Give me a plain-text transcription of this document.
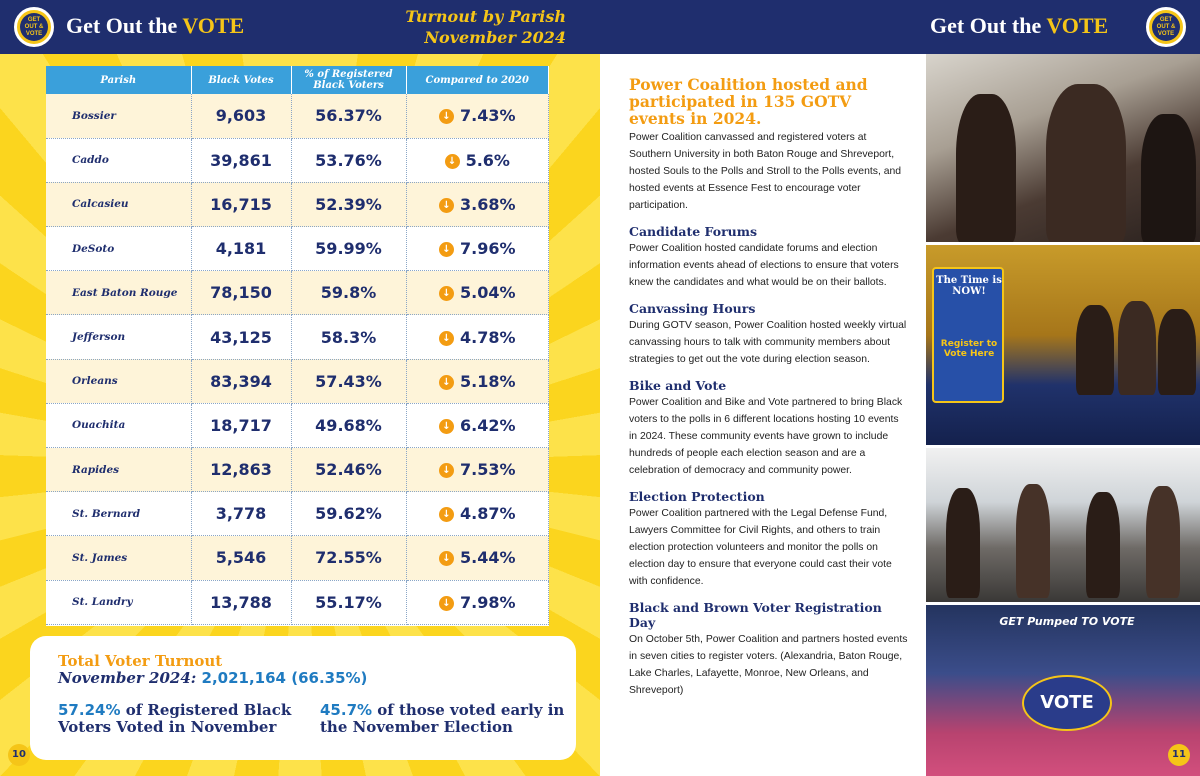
GET OUT & VOTE Get Out the VOTE	Turnout by Parish
November 2024
Parish	Black Votes	% of Registered Black Voters	Compared to 2020
Bossier	9,603	56.37%	↓ 7.43%
Caddo	39,861	53.76%	↓ 5.6%
Calcasieu	16,715	52.39%	↓ 3.68%
DeSoto	4,181	59.99%	↓ 7.96%
East Baton Rouge	78,150	59.8%	↓ 5.04%
Jefferson	43,125	58.3%	↓ 4.78%
Orleans	83,394	57.43%	↓ 5.18%
Ouachita	18,717	49.68%	↓ 6.42%
Rapides	12,863	52.46%	↓ 7.53%
St. Bernard	3,778	59.62%	↓ 4.87%
St. James	5,546	72.55%	↓ 5.44%
St. Landry	13,788	55.17%	↓ 7.98%
Total Voter Turnout
November 2024: 2,021,164 (66.35%)
57.24% of Registered Black Voters Voted in November
45.7% of those voted early in the November Election
10
Get Out the VOTE	GET OUT & VOTE
Power Coalition hosted and participated in 135 GOTV events in 2024.
Power Coalition canvassed and registered voters at Southern University in both Baton Rouge and Shreveport, hosted Souls to the Polls and Stroll to the Polls events, and hosted events at Essence Fest to encourage voter participation.
Candidate Forums
Power Coalition hosted candidate forums and election information events ahead of elections to ensure that voters knew the candidates and what would be on their ballots.
Canvassing Hours
During GOTV season, Power Coalition hosted weekly virtual canvassing hours to talk with community members about strategies to get out the vote during election season.
Bike and Vote
Power Coalition and Bike and Vote partnered to bring Black voters to the polls in 6 different locations hosting 10 events in 2024. These community events have grown to include hundreds of people each election season and are a celebration of democracy and community power.
Election Protection
Power Coalition partnered with the Legal Defense Fund, Lawyers Committee for Civil Rights, and others to train election protection volunteers and monitor the polls on election day to ensure that everyone could cast their vote with confidence.
Black and Brown Voter Registration Day
On October 5th, Power Coalition and partners hosted events in seven cities to register voters. (Alexandria, Baton Rouge, Lake Charles, Lafayette, Monroe, New Orleans, and Shreveport)
The Time is NOW!
Register to Vote Here
GET Pumped TO VOTE
VOTE
11
